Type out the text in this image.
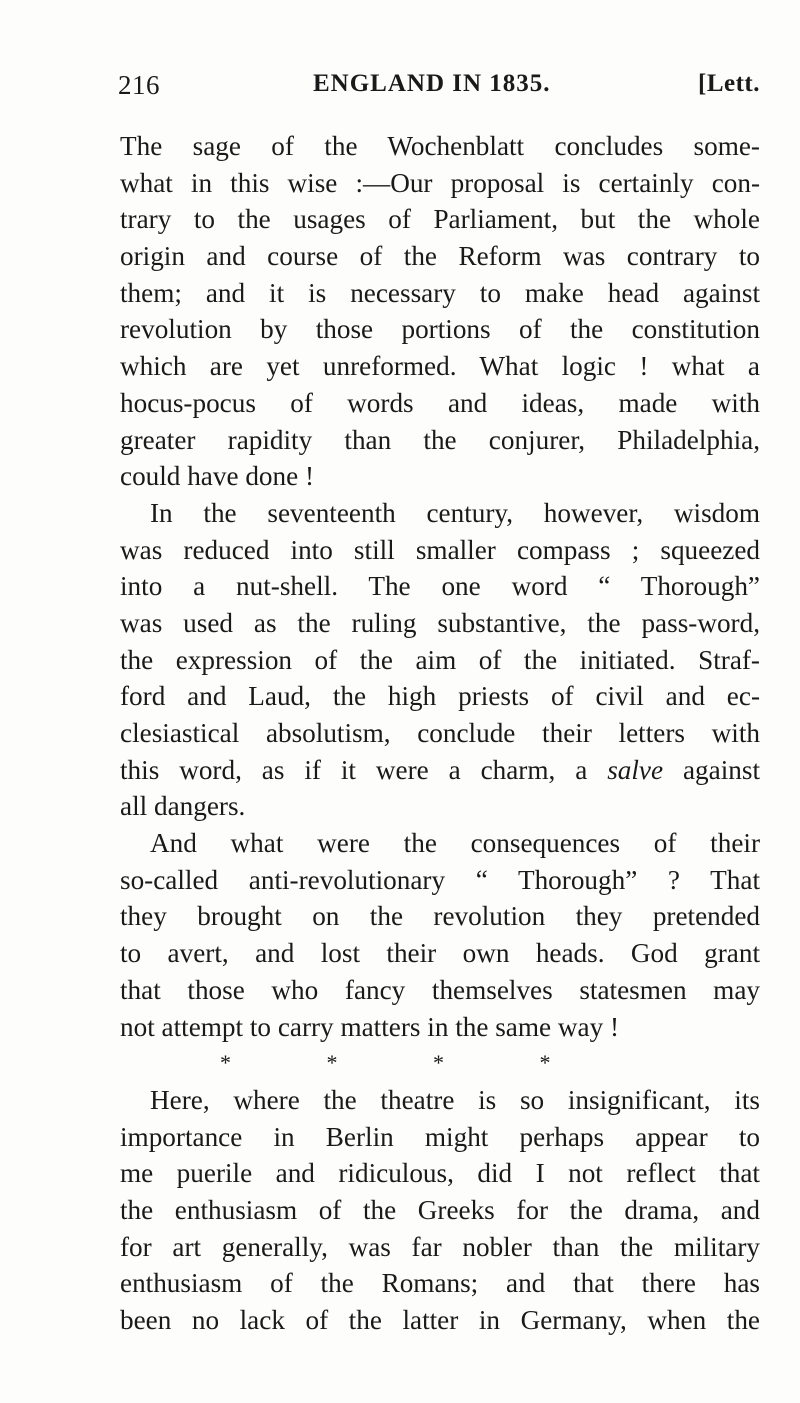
216	ENGLAND IN 1835.	[Lett.
The sage of the Wochenblatt concludes some-
what in this wise :—Our proposal is certainly con-
trary to the usages of Parliament, but the whole
origin and course of the Reform was contrary to
them; and it is necessary to make head against
revolution by those portions of the constitution
which are yet unreformed. What logic ! what a
hocus-pocus of words and ideas, made with
greater rapidity than the conjurer, Philadelphia,
could have done !
In the seventeenth century, however, wisdom
was reduced into still smaller compass ; squeezed
into a nut-shell. The one word “ Thorough”
was used as the ruling substantive, the pass-word,
the expression of the aim of the initiated. Straf-
ford and Laud, the high priests of civil and ec-
clesiastical absolutism, conclude their letters with
this word, as if it were a charm, a salve against
all dangers.
And what were the consequences of their
so-called anti-revolutionary “ Thorough” ? That
they brought on the revolution they pretended
to avert, and lost their own heads. God grant
that those who fancy themselves statesmen may
not attempt to carry matters in the same way !
* * * *
Here, where the theatre is so insignificant, its
importance in Berlin might perhaps appear to
me puerile and ridiculous, did I not reflect that
the enthusiasm of the Greeks for the drama, and
for art generally, was far nobler than the military
enthusiasm of the Romans; and that there has
been no lack of the latter in Germany, when the
